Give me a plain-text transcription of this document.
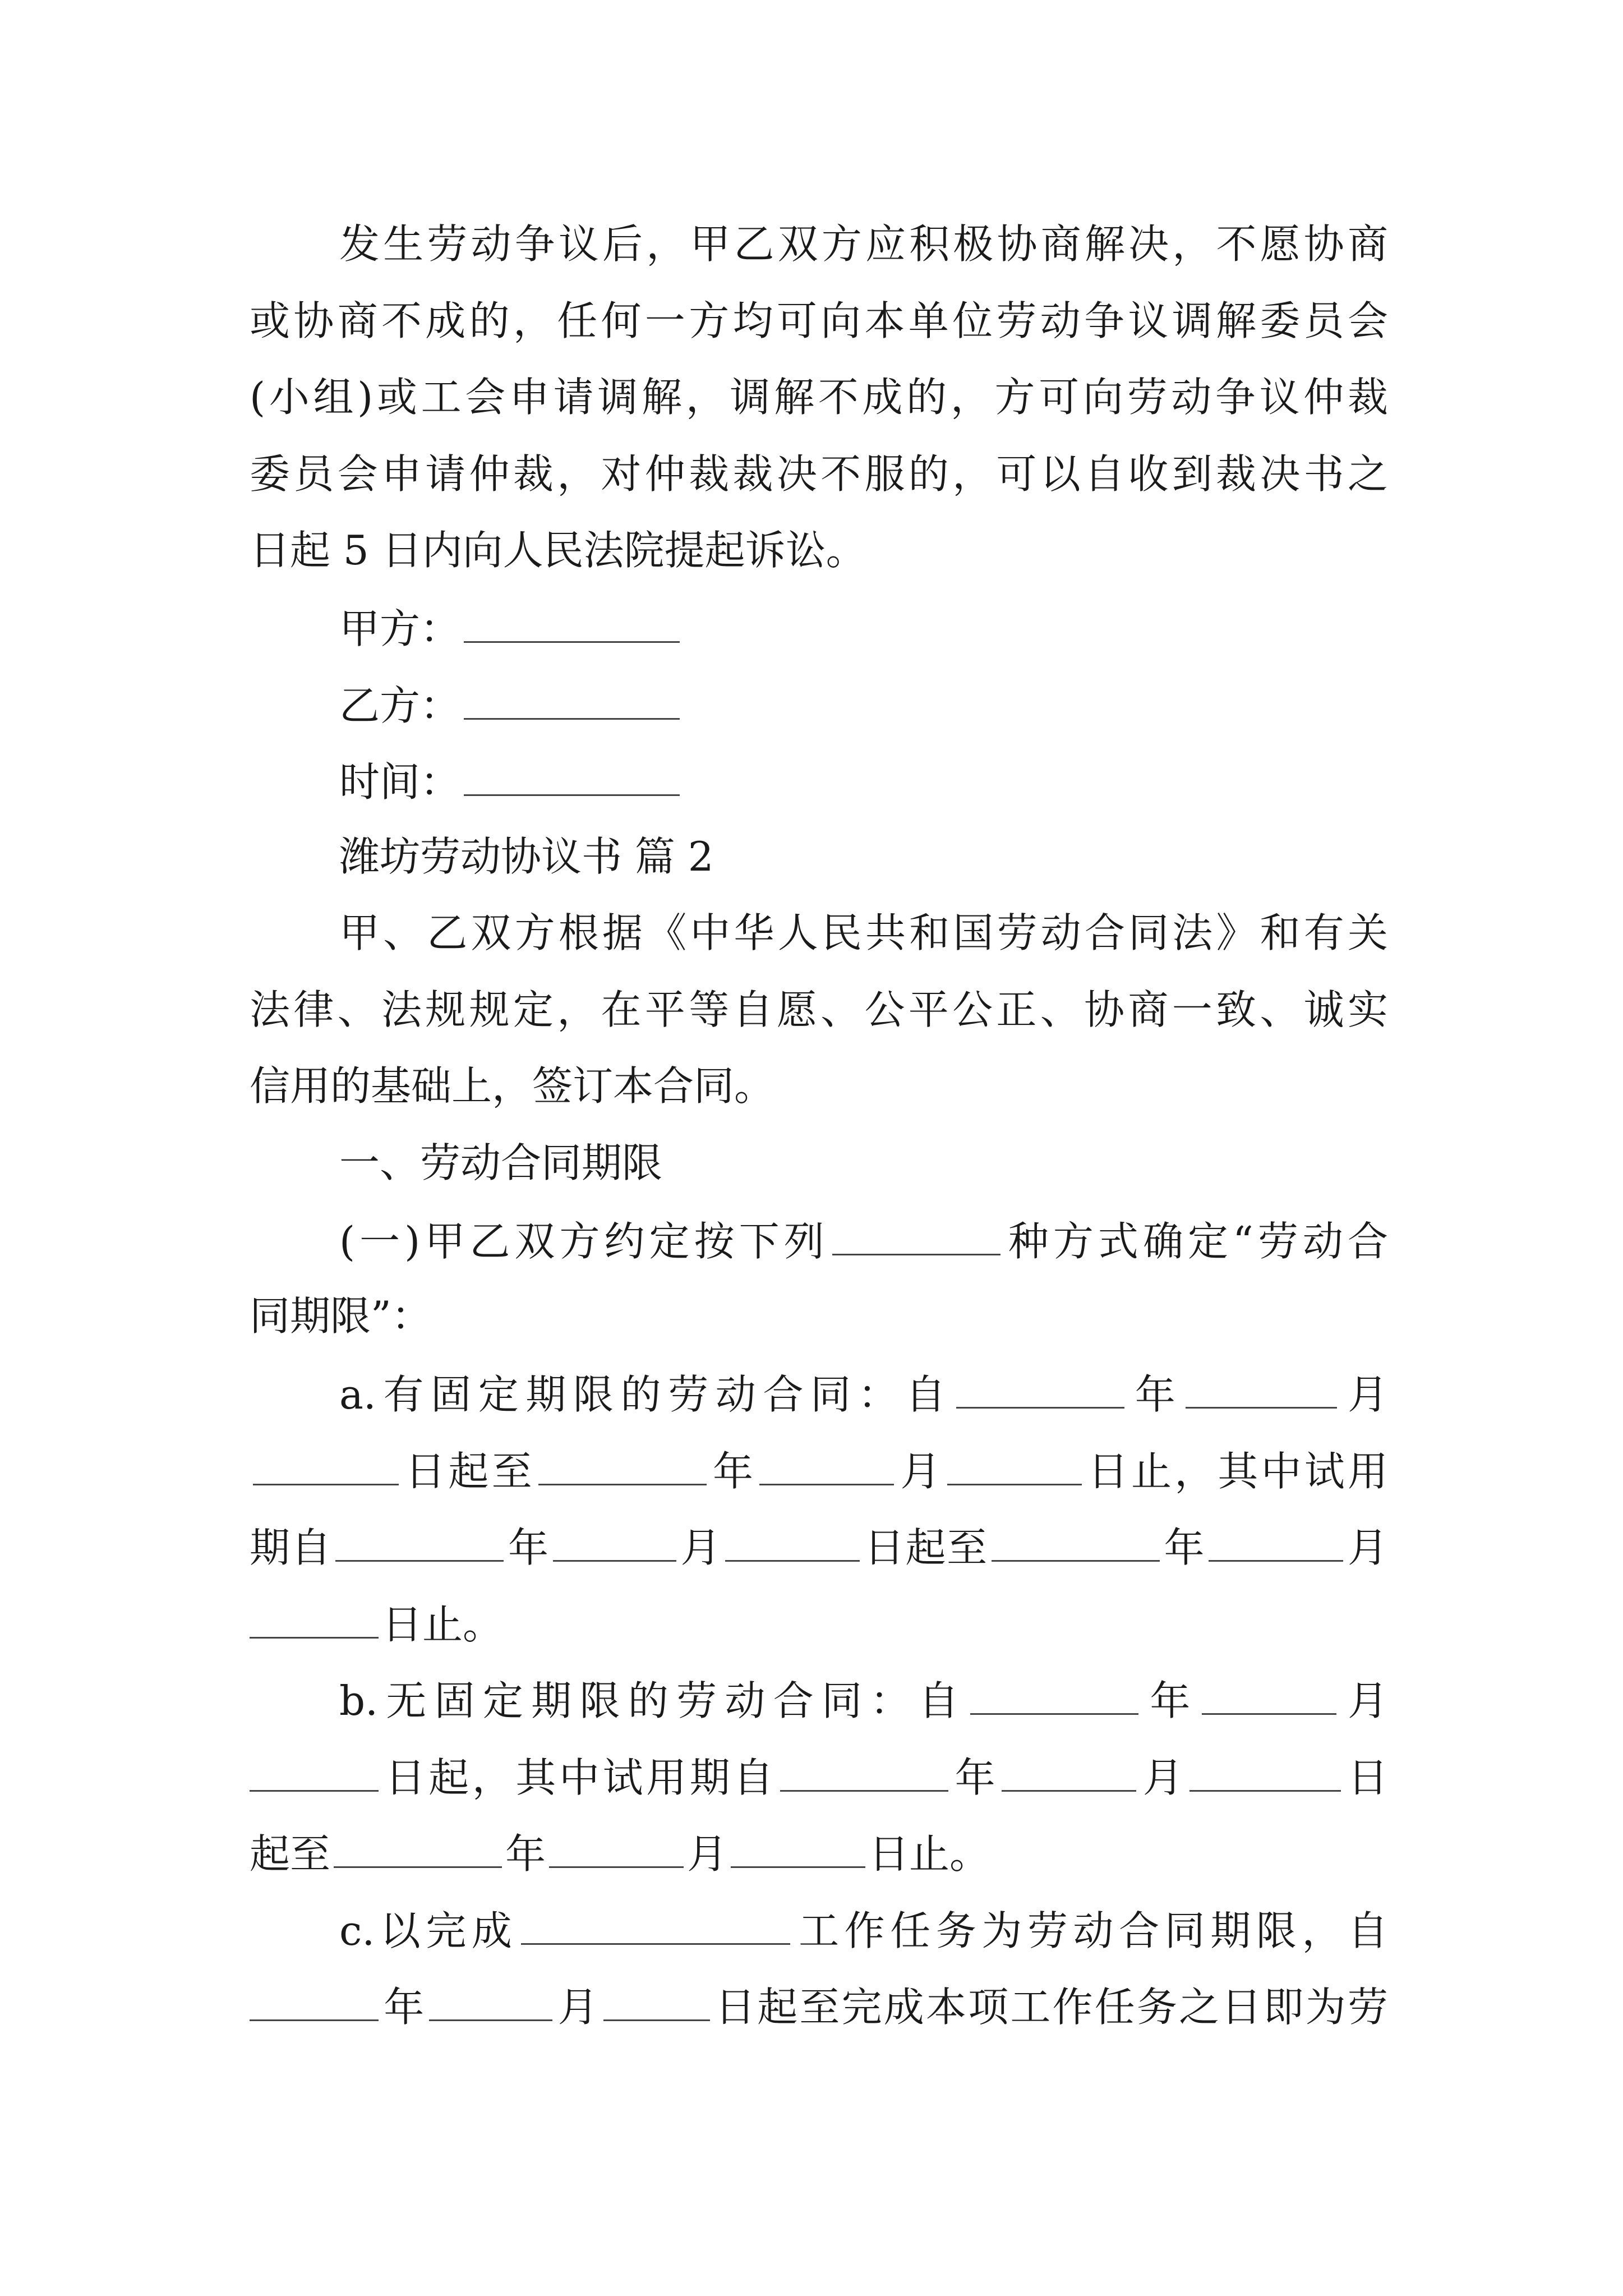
发生劳动争议后，甲乙双方应积极协商解决，不愿协商
或协商不成的，任何一方均可向本单位劳动争议调解委员会
(小组)或工会申请调解，调解不成的，方可向劳动争议仲裁
委员会申请仲裁，对仲裁裁决不服的，可以自收到裁决书之
日起 5 日内向人民法院提起诉讼。
甲方：
乙方：
时间：
潍坊劳动协议书 篇 2
甲、乙双方根据《中华人民共和国劳动合同法》和有关
法律、法规规定，在平等自愿、公平公正、协商一致、诚实
信用的基础上，签订本合同。
一、劳动合同期限
(一)甲乙双方约定按下列	种方式确定“劳动合
同期限”：
a.有固定期限的劳动合同：自	年	月
日起至	年	月	日止，其中试用
期自	年	月	日起至	年	月
日止。
b.无固定期限的劳动合同：自	年	月
日起，其中试用期自	年	月	日
起至	年	月	日止。
c.以完成	工作任务为劳动合同期限，自
年	月	日起至完成本项工作任务之日即为劳
